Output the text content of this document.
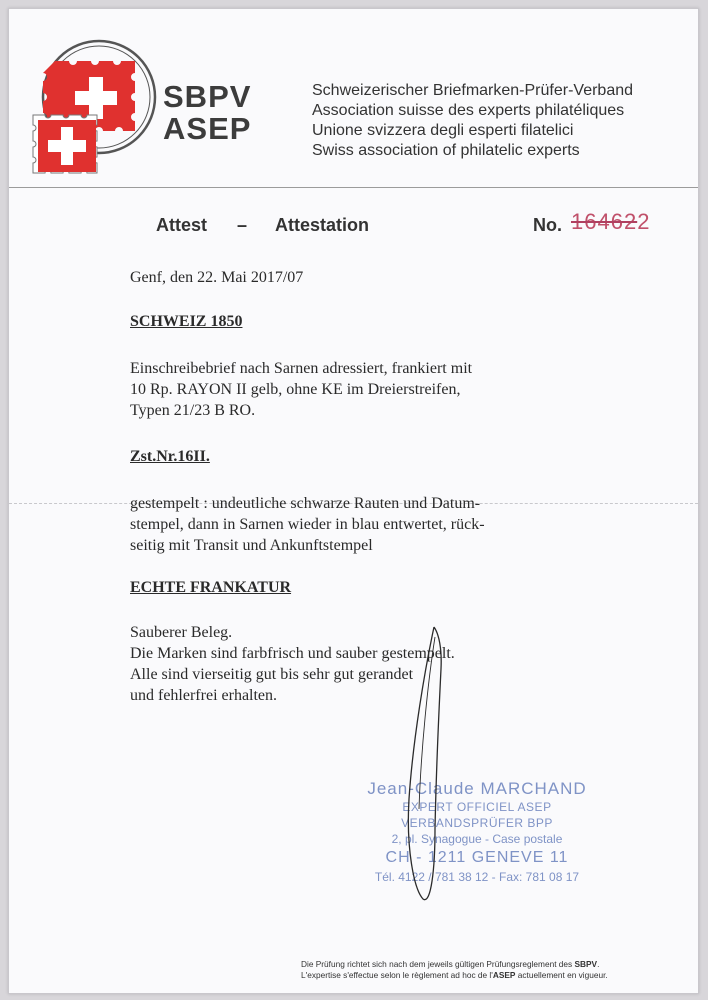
SBPV
ASEP
Schweizerischer Briefmarken-Prüfer-Verband
Association suisse des experts philatéliques
Unione svizzera degli esperti filatelici
Swiss association of philatelic experts
Attest – Attestation	No. 164622
Genf, den 22. Mai 2017/07
SCHWEIZ 1850
Einschreibebrief nach Sarnen adressiert, frankiert mit
10 Rp. RAYON II gelb, ohne KE im Dreierstreifen,
Typen 21/23 B RO.
Zst.Nr.16II.
gestempelt : undeutliche schwarze Rauten und Datum-
stempel, dann in Sarnen wieder in blau entwertet, rück-
seitig mit Transit und Ankunftstempel
ECHTE FRANKATUR
Sauberer Beleg.
Die Marken sind farbfrisch und sauber gestempelt.
Alle sind vierseitig gut bis sehr gut gerandet
und fehlerfrei erhalten.
Jean-Claude MARCHAND
EXPERT OFFICIEL ASEP
VERBANDSPRÜFER BPP
2, pl. Synagogue - Case postale
CH - 1211 GENEVE 11
Tél. 4122 / 781 38 12 - Fax: 781 08 17
Die Prüfung richtet sich nach dem jeweils gültigen Prüfungsreglement des SBPV.
L'expertise s'effectue selon le règlement ad hoc de l'ASEP actuellement en vigueur.
